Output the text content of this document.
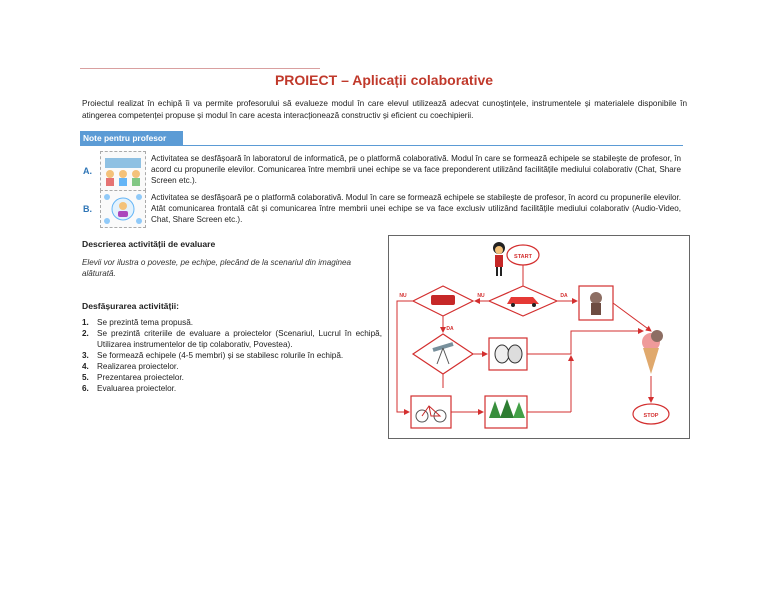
PROIECT – Aplicații colaborative
Proiectul realizat în echipă îi va permite profesorului să evalueze modul în care elevul utilizează adecvat cunoștințele, instrumentele și materialele disponibile în atingerea competenței propuse și modul în care acesta interacționează constructiv și eficient cu coechipierii.
Note pentru profesor
A.
Activitatea se desfășoară în laboratorul de informatică, pe o platformă colaborativă. Modul în care se formează echipele se stabilește de profesor, în acord cu propunerile elevilor. Comunicarea între membrii unei echipe se va face preponderent utilizând facilitățile mediului colaborativ (Chat, Share Screen etc.).
B.
Activitatea se desfășoară pe o platformă colaborativă. Modul în care se formează echipele se stabilește de profesor, în acord cu propunerile elevilor. Atât comunicarea frontală cât și comunicarea între membrii unei echipe se va face exclusiv utilizând facilitățile mediului colaborativ (Audio-Video, Chat, Share Screen etc.).
Descrierea activității de evaluare
Elevii vor ilustra o poveste, pe echipe, plecând de la scenariul din imaginea alăturată.
Desfășurarea activității:
1. Se prezintă tema propusă.
2. Se prezintă criteriile de evaluare a proiectelor (Scenariul, Lucrul în echipă, Utilizarea instrumentelor de tip colaborativ, Povestea).
3. Se formează echipele (4-5 membri) și se stabilesc rolurile în echipă.
4. Realizarea proiectelor.
5. Prezentarea proiectelor.
6. Evaluarea proiectelor.
START
NU	DA
NU
DA
STOP
